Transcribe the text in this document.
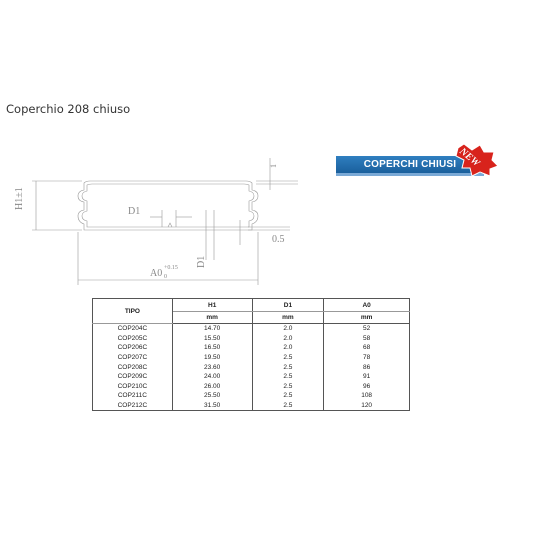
Coperchio 208 chiuso
H1±1
D1
D1
A0 +0.15
0
1
0.5
COPERCHI CHIUSI NEW
TIPO	H1	D1	A0
	mm	mm	mm
COP204C	14.70	2.0	52
COP205C	15.50	2.0	58
COP206C	16.50	2.0	68
COP207C	19.50	2.5	78
COP208C	23.60	2.5	86
COP209C	24.00	2.5	91
COP210C	26.00	2.5	96
COP211C	25.50	2.5	108
COP212C	31.50	2.5	120
